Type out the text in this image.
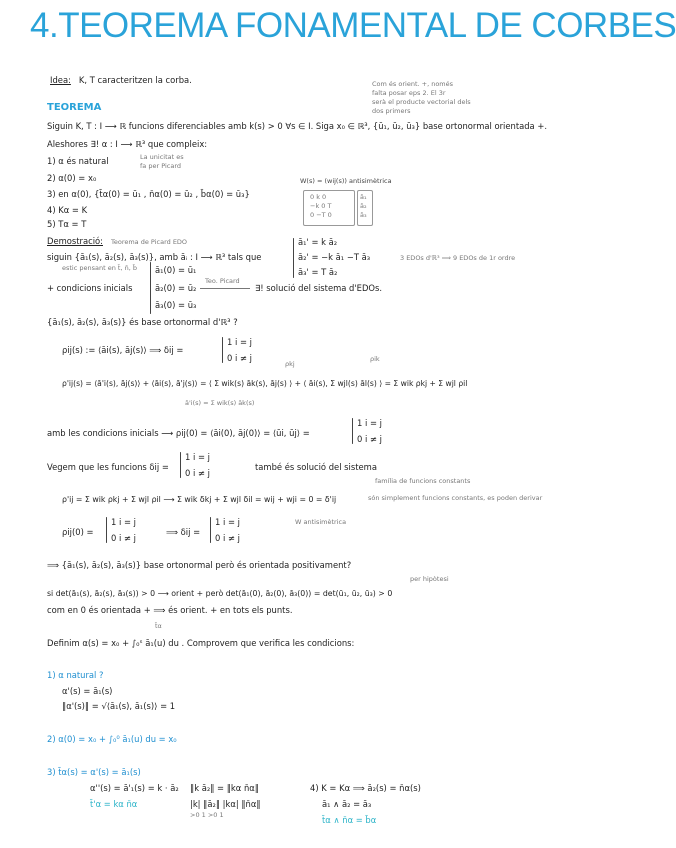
4.TEOREMA FONAMENTAL DE CORBES
Idea: K, T caracteritzen la corba.	Com és orient. +, només
falta posar eps 2. El 3r
serà el producte vectorial dels
dos primers
TEOREMA
Siguin K, T : I ⟶ ℝ funcions diferenciables amb k(s) > 0 ∀s ∈ I. Siga x₀ ∈ ℝ³, {ū₁, ū₂, ū₃} base ortonormal orientada +.
Aleshores ∃! α : I ⟶ ℝ³ que compleix:
1) α és natural	La unicitat es
fa per Picard
2) α(0) = x₀
3) en α(0), {t̄α(0) = ū₁ , n̄α(0) = ū₂ , b̄α(0) = ū₃}
4) Kα = K
5) Tα = T
W(s) = (wij(s)) antisimètrica
0 k 0
−k 0 T
0 −T 0
ā₁
ā₂
ā₃
Demostració: Teorema de Picard EDO
siguin {ā₁(s), ā₂(s), ā₃(s)}, amb āᵢ : I ⟶ ℝ³ tals que
estic pensant en t̄, n̄, b̄
ā₁' = k ā₂
ā₂' = −k ā₁ −T ā₃
ā₃' = T ā₂
3 EDOs d'ℝ³ ⟹ 9 EDOs de 1r ordre
ā₁(0) = ū₁
ā₂(0) = ū₂
ā₃(0) = ū₃
+ condicions inicials
Teo. Picard
∃! solució del sistema d'EDOs.
{ā₁(s), ā₂(s), ā₃(s)} és base ortonormal d'ℝ³ ?
ρij(s) := ⟨āi(s), āj(s)⟩ ⟹ δij =
1 i = j
0 i ≠ j
ρkj
ρik
ρ'ij(s) = ⟨ā'i(s), āj(s)⟩ + ⟨āi(s), ā'j(s)⟩ = ⟨ Σ wik(s) āk(s), āj(s) ⟩ + ⟨ āi(s), Σ wjl(s) āl(s) ⟩ = Σ wik ρkj + Σ wjl ρil
ā'i(s) = Σ wik(s) āk(s)
amb les condicions inicials ⟶ ρij(0) = ⟨āi(0), āj(0)⟩ = ⟨ūi, ūj⟩ =
1 i = j
0 i ≠ j
Vegem que les funcions δij =
1 i = j
0 i ≠ j
també és solució del sistema
família de funcions constants
ρ'ij = Σ wik ρkj + Σ wjl ρil ⟶ Σ wik δkj + Σ wjl δil = wij + wji = 0 = δ'ij	són simplement funcions constants, es poden derivar
W antisimètrica
ρij(0) =
1 i = j
0 i ≠ j
⟹ δij =
1 i = j
0 i ≠ j
⟹ {ā₁(s), ā₂(s), ā₃(s)} base ortonormal però és orientada positivament?
per hipòtesi
si det(ā₁(s), ā₂(s), ā₃(s)) > 0 ⟶ orient + però det(ā₁(0), ā₂(0), ā₃(0)) = det(ū₁, ū₂, ū₃) > 0
com en 0 és orientada + ⟹ és orient. + en tots els punts.
t̄α
Definim α(s) = x₀ + ∫₀ˢ ā₁(u) du . Comprovem que verifica les condicions:
1) α natural ?
α'(s) = ā₁(s)
‖α'(s)‖ = √⟨ā₁(s), ā₁(s)⟩ = 1
2) α(0) = x₀ + ∫₀⁰ ā₁(u) du = x₀
3) t̄α(s) = α'(s) = ā₁(s)
α''(s) = ā'₁(s) = k · ā₂
t̄'α = kα n̄α
‖k ā₂‖ = ‖kα n̄α‖
|k| ‖ā₂‖ |kα| ‖n̄α‖
>0 1 >0 1
4) K = Kα ⟹ ā₂(s) = n̄α(s)
ā₁ ∧ ā₂ = ā₃
t̄α ∧ n̄α = b̄α
